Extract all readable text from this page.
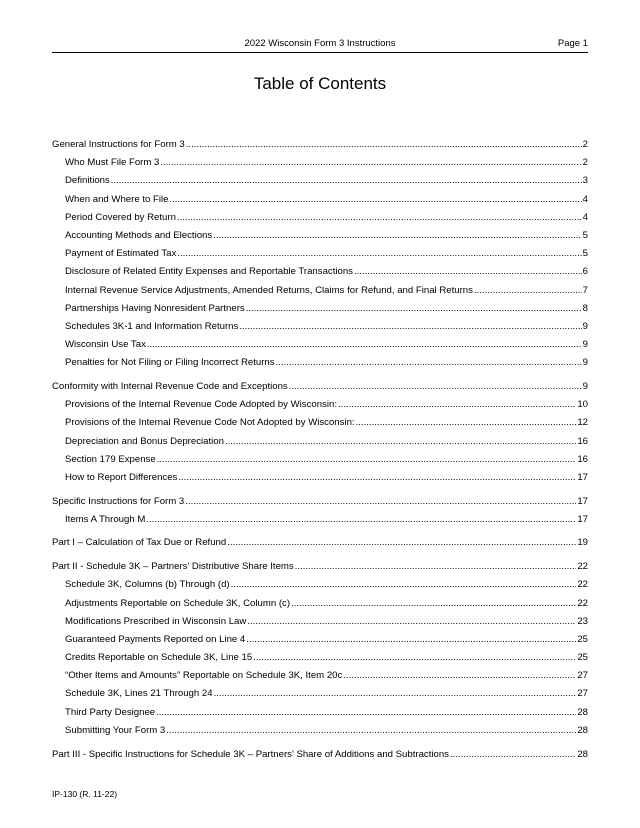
2022 Wisconsin Form 3 Instructions	Page 1
Table of Contents
General Instructions for Form 3 .....	2
Who Must File Form 3 .....	2
Definitions .....	3
When and Where to File .....	4
Period Covered by Return .....	4
Accounting Methods and Elections .....	5
Payment of Estimated Tax .....	5
Disclosure of Related Entity Expenses and Reportable Transactions .....	6
Internal Revenue Service Adjustments, Amended Returns, Claims for Refund, and Final Returns .....	7
Partnerships Having Nonresident Partners .....	8
Schedules 3K-1 and Information Returns .....	9
Wisconsin Use Tax .....	9
Penalties for Not Filing or Filing Incorrect Returns .....	9
Conformity with Internal Revenue Code and Exceptions .....	9
Provisions of the Internal Revenue Code Adopted by Wisconsin: .....	10
Provisions of the Internal Revenue Code Not Adopted by Wisconsin: .....	12
Depreciation and Bonus Depreciation .....	16
Section 179 Expense .....	16
How to Report Differences .....	17
Specific Instructions for Form 3 .....	17
Items A Through M .....	17
Part I – Calculation of Tax Due or Refund .....	19
Part II - Schedule 3K – Partners’ Distributive Share Items .....	22
Schedule 3K, Columns (b) Through (d) .....	22
Adjustments Reportable on Schedule 3K, Column (c) .....	22
Modifications Prescribed in Wisconsin Law .....	23
Guaranteed Payments Reported on Line 4 .....	25
Credits Reportable on Schedule 3K, Line 15 .....	25
“Other Items and Amounts” Reportable on Schedule 3K, Item 20c .....	27
Schedule 3K, Lines 21 Through 24 .....	27
Third Party Designee .....	28
Submitting Your Form 3 .....	28
Part III - Specific Instructions for Schedule 3K – Partners' Share of Additions and Subtractions .....	28
IP-130 (R. 11-22)
